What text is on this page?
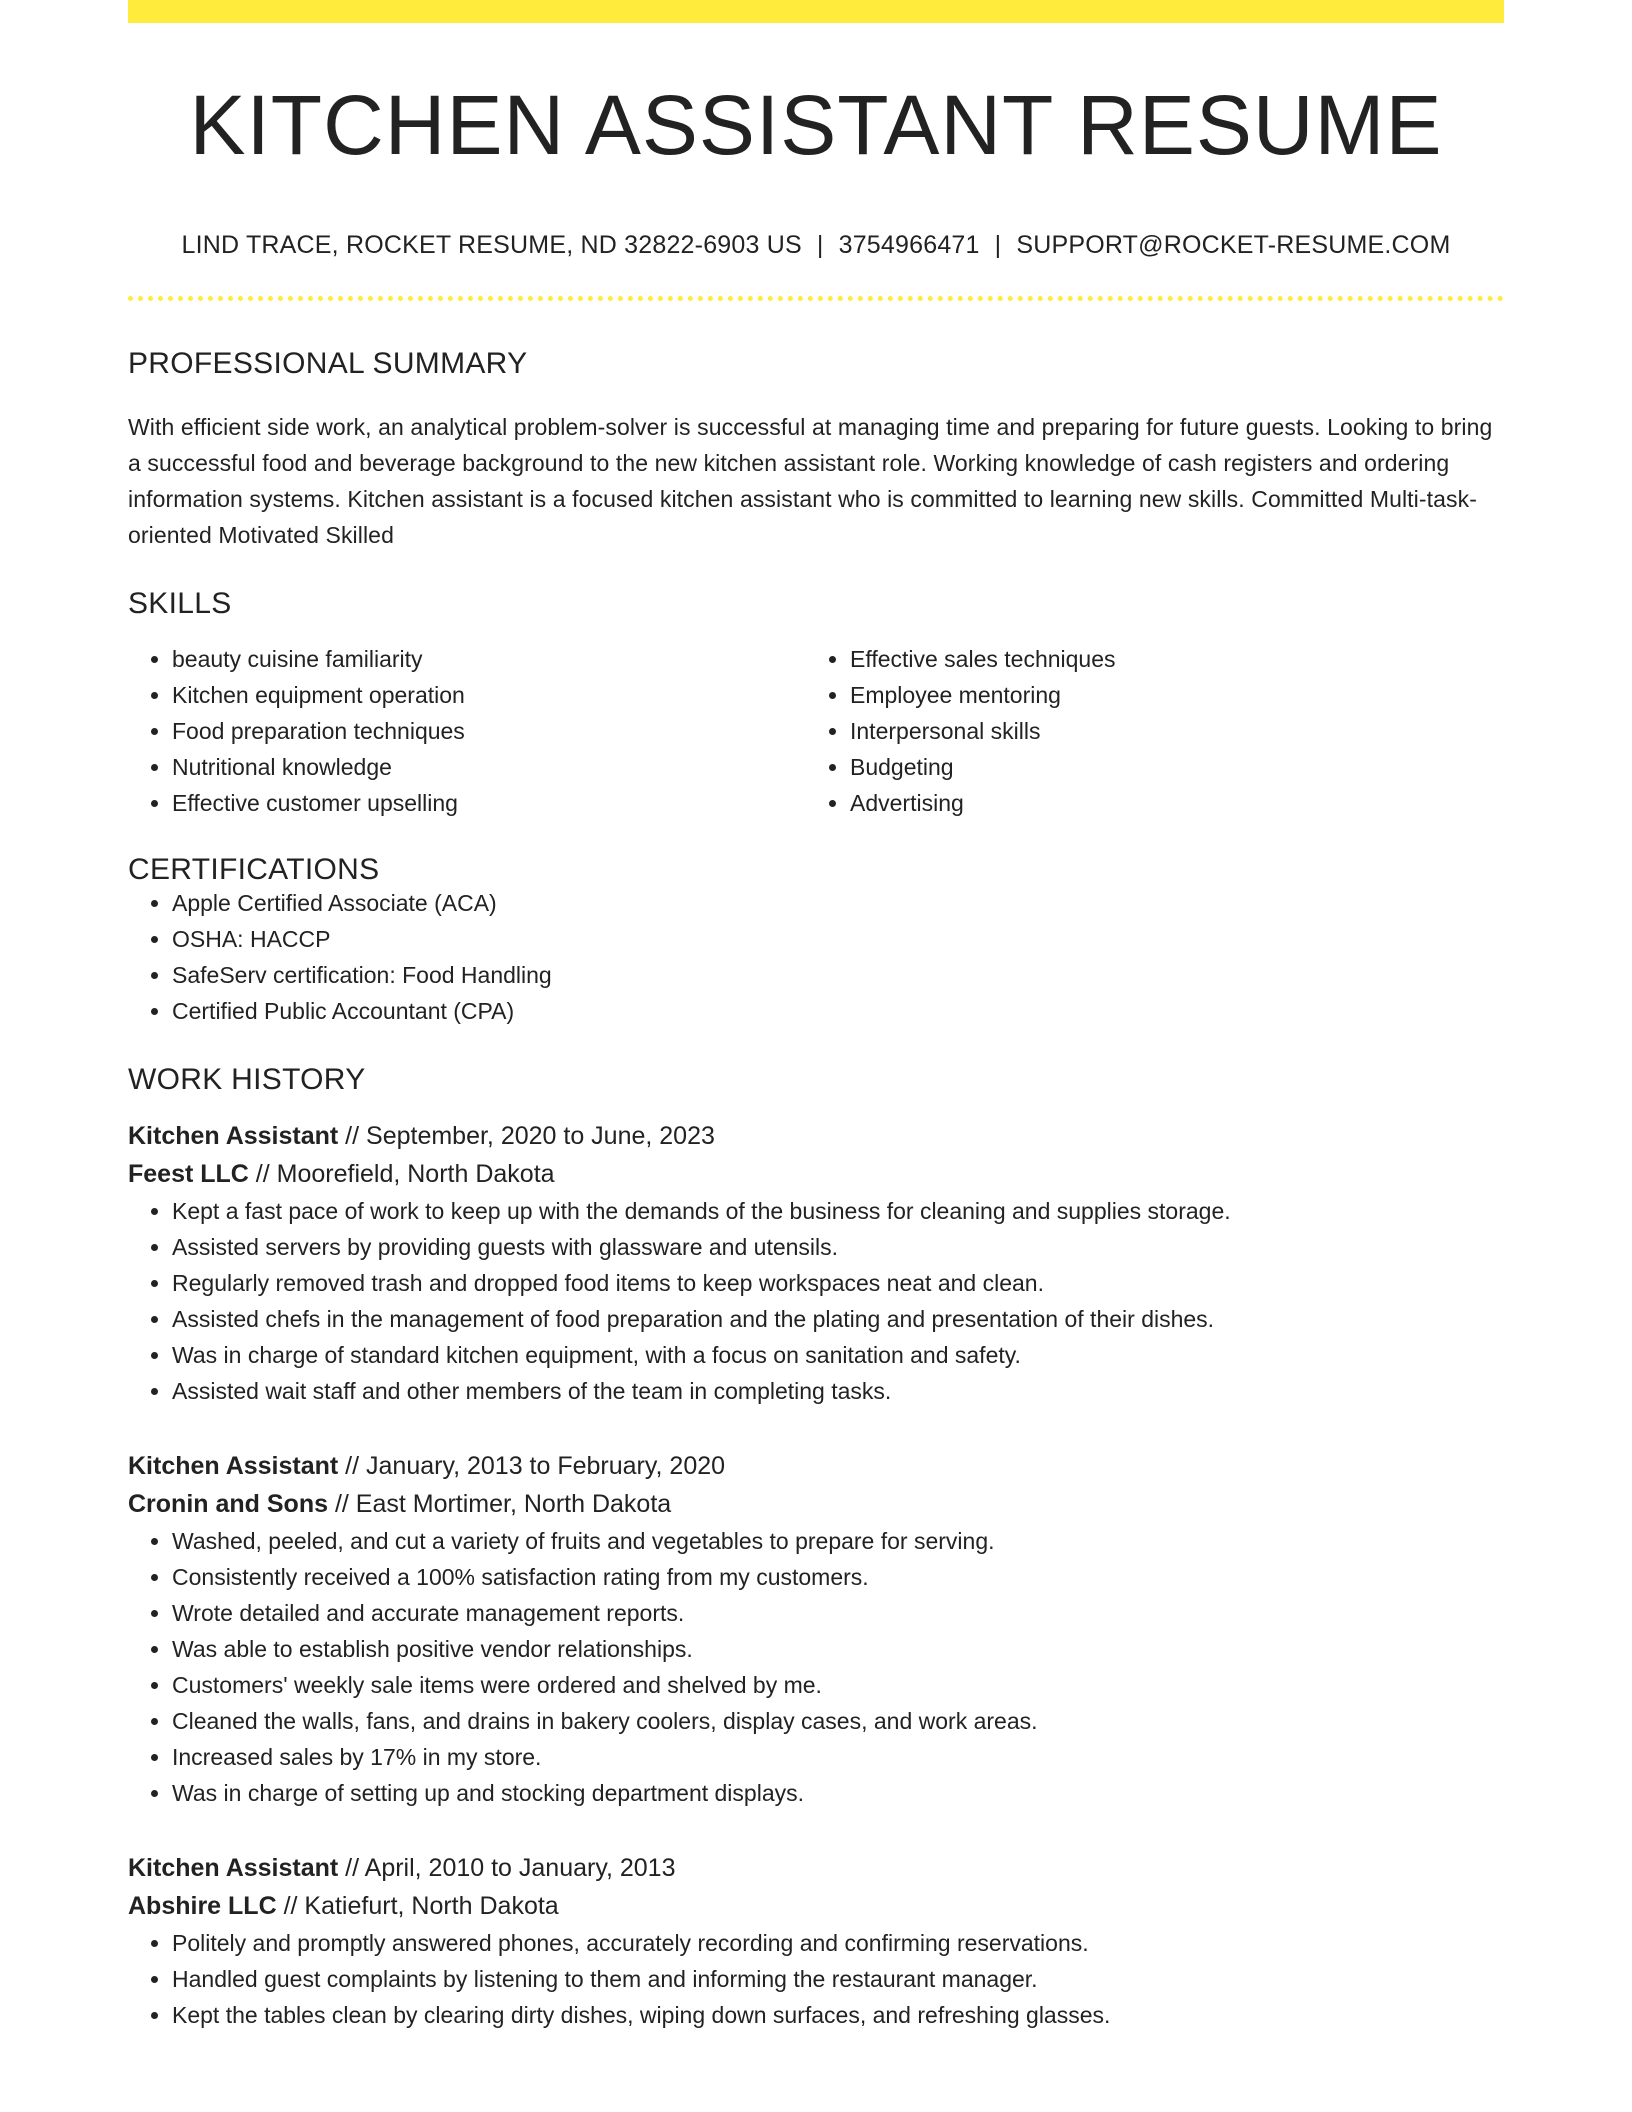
KITCHEN ASSISTANT RESUME
LIND TRACE, ROCKET RESUME, ND 32822-6903 US | 3754966471 | SUPPORT@ROCKET-RESUME.COM
PROFESSIONAL SUMMARY
With efficient side work, an analytical problem-solver is successful at managing time and preparing for future guests. Looking to bring a successful food and beverage background to the new kitchen assistant role. Working knowledge of cash registers and ordering information systems. Kitchen assistant is a focused kitchen assistant who is committed to learning new skills. Committed Multi-task-oriented Motivated Skilled
SKILLS
• beauty cuisine familiarity
• Kitchen equipment operation
• Food preparation techniques
• Nutritional knowledge
• Effective customer upselling
• Effective sales techniques
• Employee mentoring
• Interpersonal skills
• Budgeting
• Advertising
CERTIFICATIONS
• Apple Certified Associate (ACA)
• OSHA: HACCP
• SafeServ certification: Food Handling
• Certified Public Accountant (CPA)
WORK HISTORY
Kitchen Assistant // September, 2020 to June, 2023
Feest LLC // Moorefield, North Dakota
• Kept a fast pace of work to keep up with the demands of the business for cleaning and supplies storage.
• Assisted servers by providing guests with glassware and utensils.
• Regularly removed trash and dropped food items to keep workspaces neat and clean.
• Assisted chefs in the management of food preparation and the plating and presentation of their dishes.
• Was in charge of standard kitchen equipment, with a focus on sanitation and safety.
• Assisted wait staff and other members of the team in completing tasks.
Kitchen Assistant // January, 2013 to February, 2020
Cronin and Sons // East Mortimer, North Dakota
• Washed, peeled, and cut a variety of fruits and vegetables to prepare for serving.
• Consistently received a 100% satisfaction rating from my customers.
• Wrote detailed and accurate management reports.
• Was able to establish positive vendor relationships.
• Customers' weekly sale items were ordered and shelved by me.
• Cleaned the walls, fans, and drains in bakery coolers, display cases, and work areas.
• Increased sales by 17% in my store.
• Was in charge of setting up and stocking department displays.
Kitchen Assistant // April, 2010 to January, 2013
Abshire LLC // Katiefurt, North Dakota
• Politely and promptly answered phones, accurately recording and confirming reservations.
• Handled guest complaints by listening to them and informing the restaurant manager.
• Kept the tables clean by clearing dirty dishes, wiping down surfaces, and refreshing glasses.
